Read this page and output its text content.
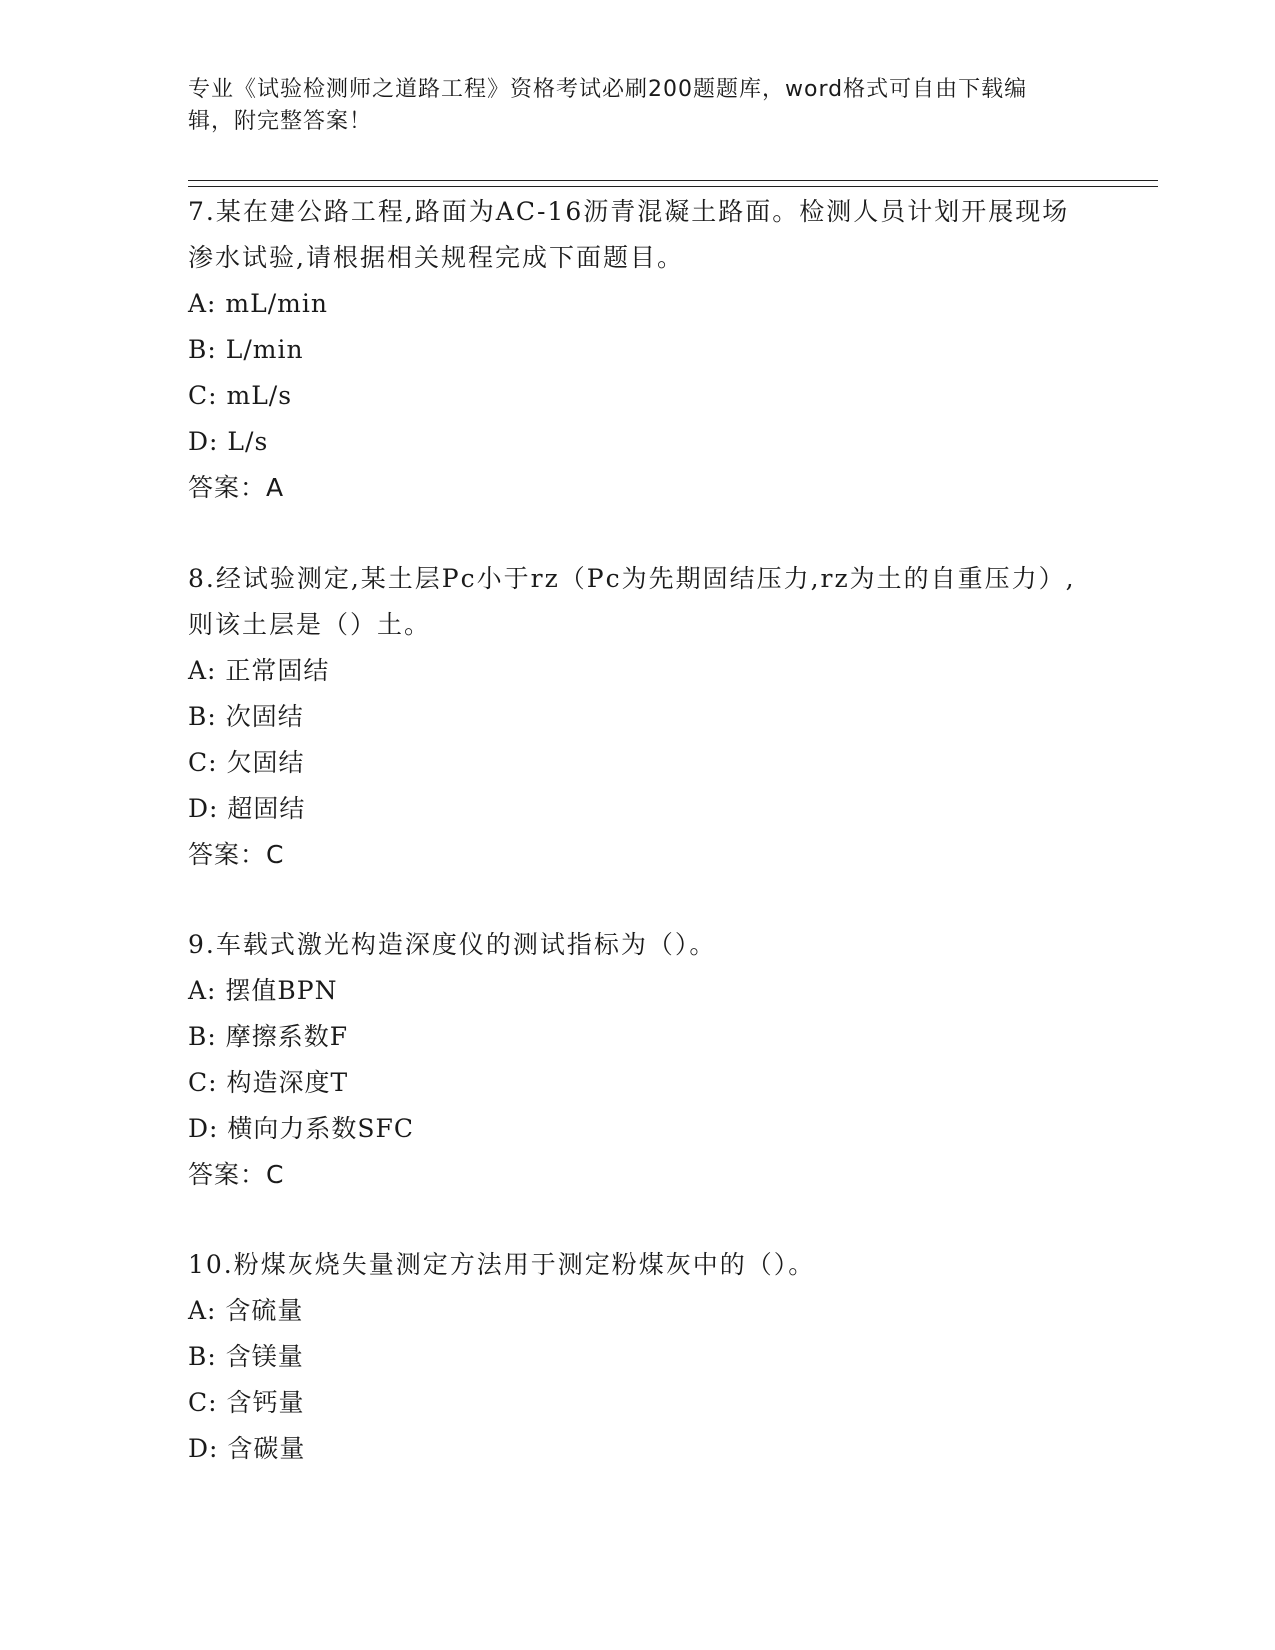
专业《试验检测师之道路工程》资格考试必刷200题题库，word格式可自由下载编辑，附完整答案！

7.某在建公路工程,路面为AC-16沥青混凝土路面。检测人员计划开展现场渗水试验,请根据相关规程完成下面题目。

A: mL/min

B: L/min

C: mL/s

D: L/s

答案：A

8.经试验测定,某土层Pc小于rz（Pc为先期固结压力,rz为土的自重压力）,则该土层是（）土。

A: 正常固结

B: 次固结

C: 欠固结

D: 超固结

答案：C

9.车载式激光构造深度仪的测试指标为（）。

A: 摆值BPN

B: 摩擦系数F

C: 构造深度T

D: 横向力系数SFC

答案：C

10.粉煤灰烧失量测定方法用于测定粉煤灰中的（）。

A: 含硫量

B: 含镁量

C: 含钙量

D: 含碳量
